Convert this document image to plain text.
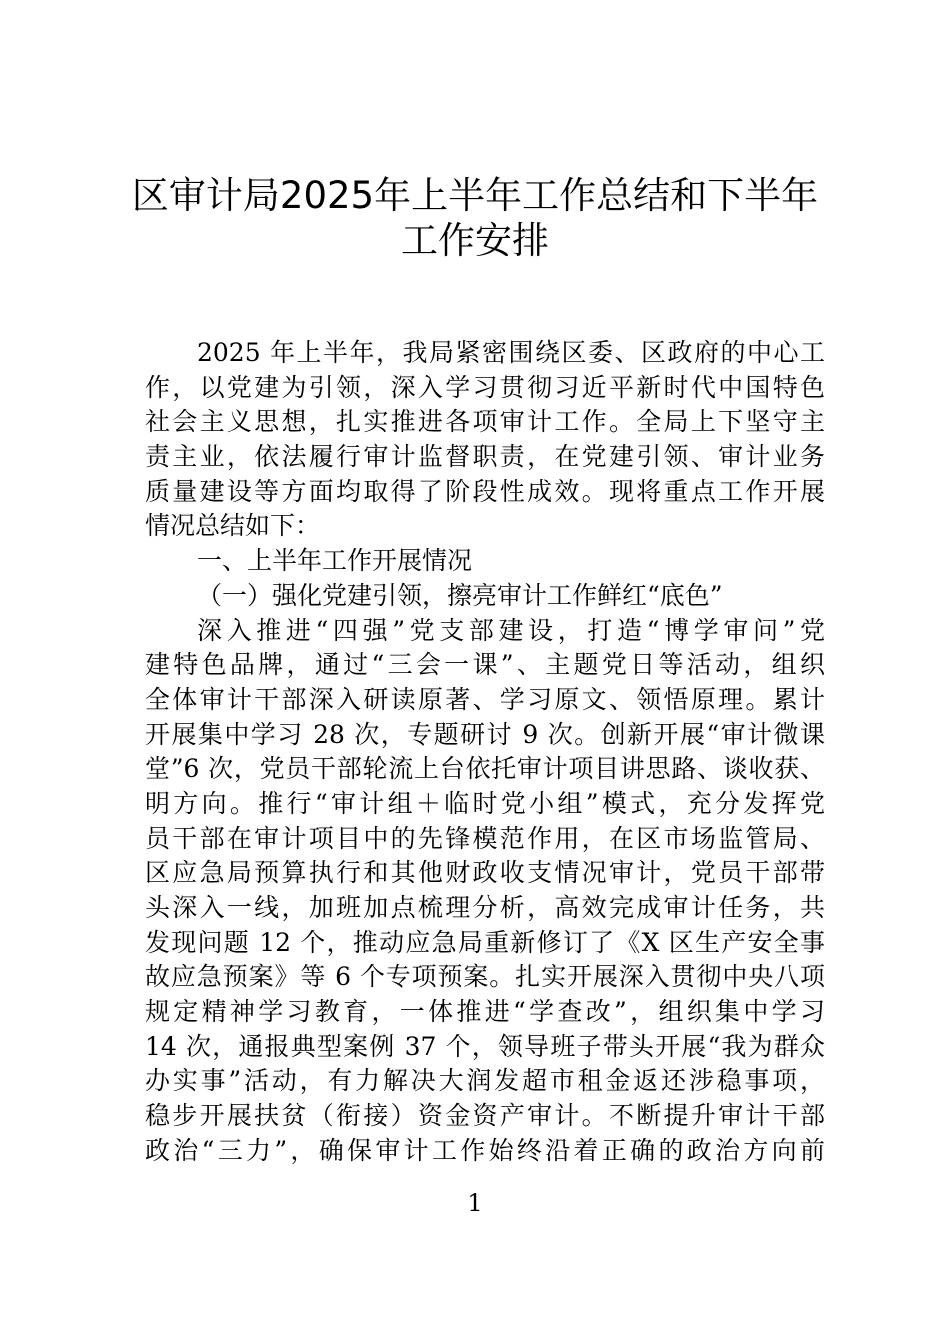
区审计局2025年上半年工作总结和下半年
工作安排
2025 年上半年，我局紧密围绕区委、区政府的中心工
作，以党建为引领，深入学习贯彻习近平新时代中国特色
社会主义思想，扎实推进各项审计工作。全局上下坚守主
责主业，依法履行审计监督职责，在党建引领、审计业务
质量建设等方面均取得了阶段性成效。现将重点工作开展
情况总结如下：
一、上半年工作开展情况
（一）强化党建引领，擦亮审计工作鲜红“底色”
深入推进“四强”党支部建设，打造“博学审问”党
建特色品牌，通过“三会一课”、主题党日等活动，组织
全体审计干部深入研读原著、学习原文、领悟原理。累计
开展集中学习 28 次，专题研讨 9 次。创新开展“审计微课
堂”6 次，党员干部轮流上台依托审计项目讲思路、谈收获、
明方向。推行“审计组＋临时党小组”模式，充分发挥党
员干部在审计项目中的先锋模范作用，在区市场监管局、
区应急局预算执行和其他财政收支情况审计，党员干部带
头深入一线，加班加点梳理分析，高效完成审计任务，共
发现问题 12 个，推动应急局重新修订了《X 区生产安全事
故应急预案》等 6 个专项预案。扎实开展深入贯彻中央八项
规定精神学习教育，一体推进“学查改”，组织集中学习
14 次，通报典型案例 37 个，领导班子带头开展“我为群众
办实事”活动，有力解决大润发超市租金返还涉稳事项，
稳步开展扶贫（衔接）资金资产审计。不断提升审计干部
政治“三力”，确保审计工作始终沿着正确的政治方向前
1
